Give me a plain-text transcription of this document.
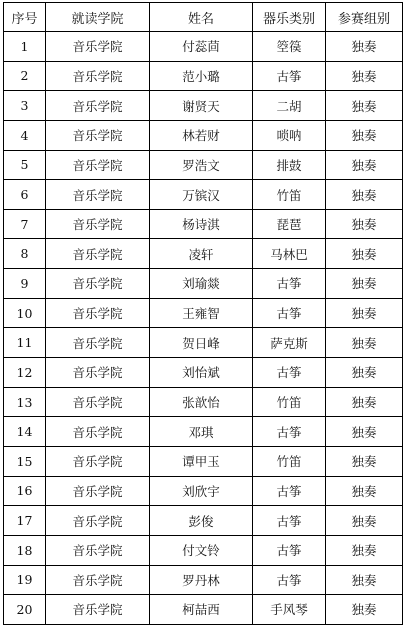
序号	就读学院	姓名	器乐类别	参赛组别
1	音乐学院	付蕊茴	箜篌	独奏
2	音乐学院	范小璐	古筝	独奏
3	音乐学院	谢贤天	二胡	独奏
4	音乐学院	林若财	唢呐	独奏
5	音乐学院	罗浩文	排鼓	独奏
6	音乐学院	万镔汉	竹笛	独奏
7	音乐学院	杨诗淇	琵琶	独奏
8	音乐学院	凌轩	马林巴	独奏
9	音乐学院	刘瑜燚	古筝	独奏
10	音乐学院	王雍智	古筝	独奏
11	音乐学院	贺日峰	萨克斯	独奏
12	音乐学院	刘怡斌	古筝	独奏
13	音乐学院	张歆怡	竹笛	独奏
14	音乐学院	邓琪	古筝	独奏
15	音乐学院	谭甲玉	竹笛	独奏
16	音乐学院	刘欣宇	古筝	独奏
17	音乐学院	彭俊	古筝	独奏
18	音乐学院	付文铃	古筝	独奏
19	音乐学院	罗丹林	古筝	独奏
20	音乐学院	柯喆西	手风琴	独奏
